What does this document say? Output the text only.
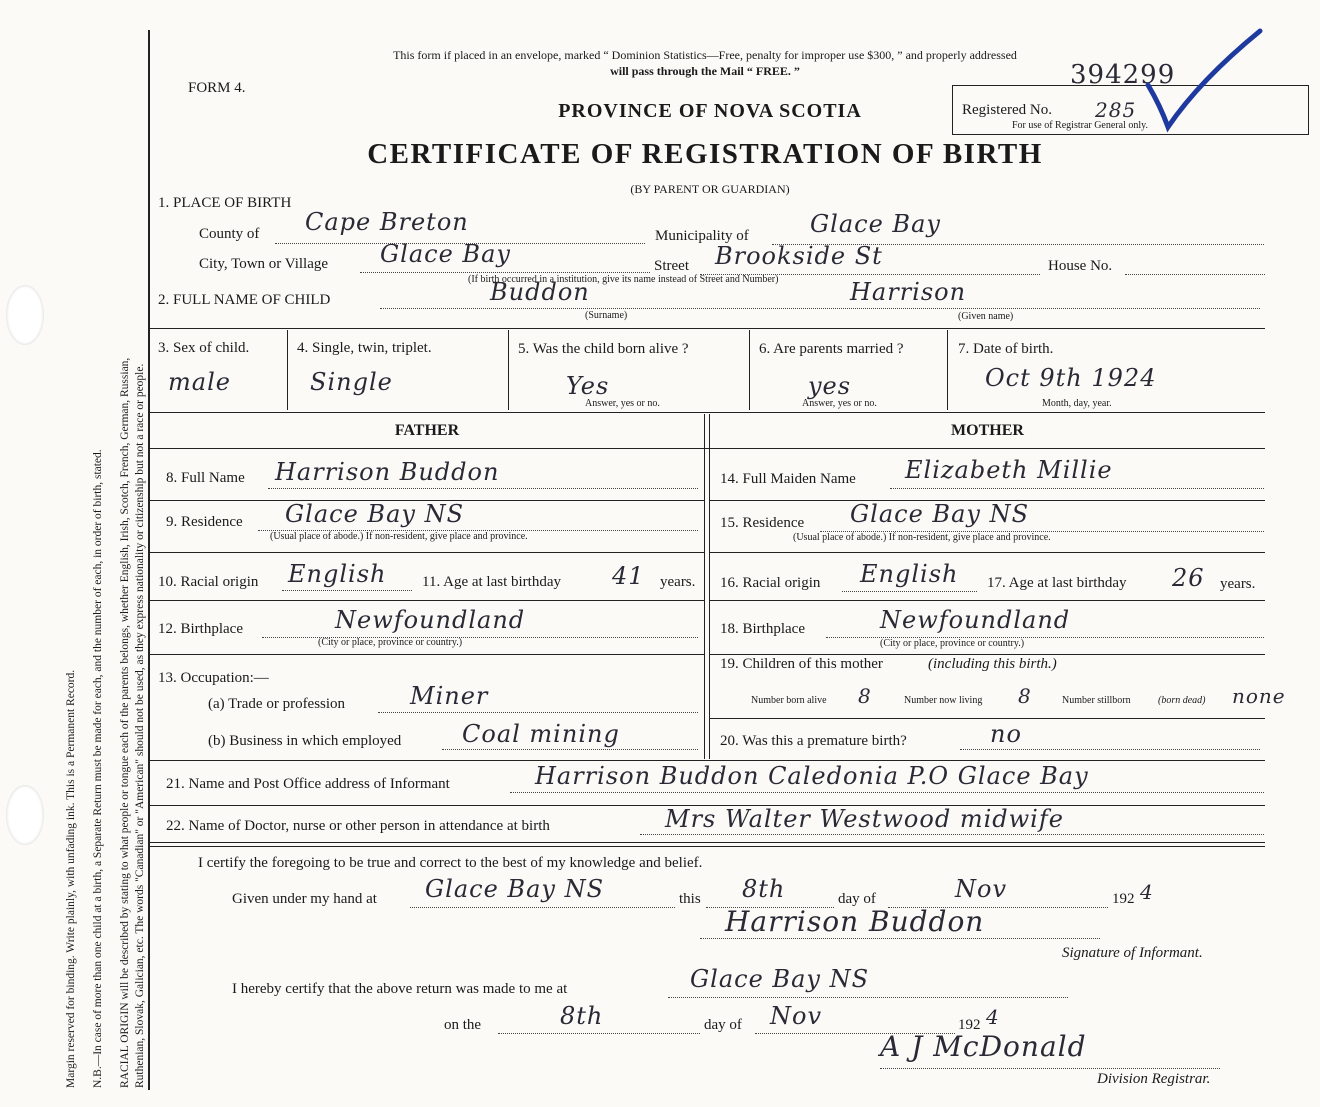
RACIAL ORIGIN will be described by stating to what people or tongue each of the parents belongs, whether English, Irish, Scotch, French, German, Russian, Ruthenian, Slovak, Galician, etc. The words "Canadian" or "American" should not be used, as they express nationality or citizenship but not a race or people.
N.B.—In case of more than one child at a birth, a Separate Return must be made for each, and the number of each, in order of birth, stated.
Margin reserved for binding. Write plainly, with unfading ink. This is a Permanent Record.
This form if placed in an envelope, marked “ Dominion Statistics—Free, penalty for improper use $300, ” and properly addressed
will pass through the Mail “ FREE. ”
FORM 4.	394299
Registered No. 285
For use of Registrar General only.
PROVINCE OF NOVA SCOTIA
CERTIFICATE OF REGISTRATION OF BIRTH
(BY PARENT OR GUARDIAN)
1. PLACE OF BIRTH
County of Cape Breton	Municipality of	Glace Bay
City, Town or Village Glace Bay	Street Brookside St	House No.
(If birth occurred in a institution, give its name instead of Street and Number)
2. FULL NAME OF CHILD	Buddon
(Surname)
Harrison
(Given name)
3. Sex of child.
male
4. Single, twin, triplet.
Single
5. Was the child born alive ?
Yes
Answer, yes or no.
6. Are parents married ?
yes
Answer, yes or no.
7. Date of birth.
Oct 9th 1924
Month, day, year.
FATHER	MOTHER
8. Full Name Harrison Buddon
9. Residence Glace Bay NS
(Usual place of abode.) If non-resident, give place and province.
10. Racial origin English 11. Age at last birthday 41 years.
12. Birthplace	Newfoundland
(City or place, province or country.)
13. Occupation:—
(a) Trade or profession	Miner
(b) Business in which employed	Coal mining
14. Full Maiden Name Elizabeth Millie
15. Residence Glace Bay NS
(Usual place of abode.) If non-resident, give place and province.
16. Racial origin English 17. Age at last birthday 26 years.
18. Birthplace	Newfoundland
(City or place, province or country.)
19. Children of this mother	(including this birth.)
Number born alive 8	Number now living 8	Number stillborn	(born dead) none
20. Was this a premature birth?	no
21. Name and Post Office address of Informant	Harrison Buddon Caledonia P.O Glace Bay
22. Name of Doctor, nurse or other person in attendance at birth	Mrs Walter Westwood midwife
I certify the foregoing to be true and correct to the best of my knowledge and belief.
Given under my hand at Glace Bay NS	this 8th	day of	Nov	192 4
Harrison Buddon
Signature of Informant.
I hereby certify that the above return was made to me at	Glace Bay NS
on the	8th	day of Nov	192 4
A J McDonald
Division Registrar.
